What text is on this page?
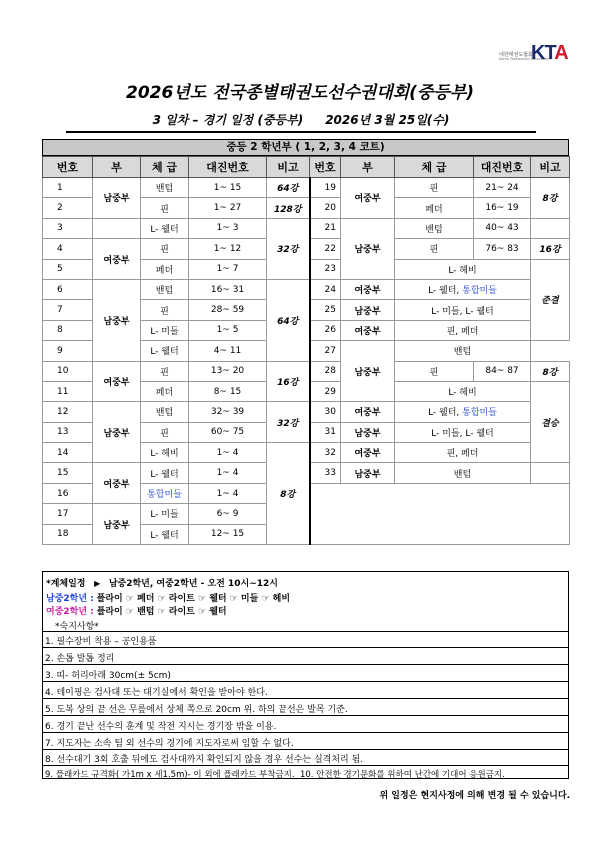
대한태권도협회
Korea Taekwondo Association
KTA
2026년도 전국종별태권도선수권대회(중등부)
3 일차 – 경기 일정 (중등부) 2026년 3월 25일(수)
중등 2 학년부 ( 1, 2, 3, 4 코트)
번호	부	체 급	대진번호	비고	번호	부	체 급	대진번호	비고
1	남중부	밴텀	1~ 15	64강	19	여중부	핀	21~ 24	8강
2		핀	1~ 27	128강	20		페더	16~ 19	
3		L- 웰터	1~ 3	32강	21	남중부	밴텀	40~ 43	
4	여중부	핀	1~ 12		22		핀	76~ 83	16강
5		페더	1~ 7		23		L- 헤비		준결
6	남중부	밴텀	16~ 31	64강	24	여중부	L- 웰터, 통합미들		
7		핀	28~ 59		25	남중부	L- 미들, L- 웰터		
8		L- 미들	1~ 5		26	여중부	핀, 페더		
9		L- 웰터	4~ 11		27	남중부	밴텀		
10	여중부	핀	13~ 20	16강	28		핀	84~ 87	8강
11		페더	8~ 15		29		L- 헤비		결승
12	남중부	밴텀	32~ 39	32강	30	여중부	L- 웰터, 통합미들		
13		핀	60~ 75		31	남중부	L- 미들, L- 웰터		
14		L- 헤비	1~ 4	8강	32	여중부	핀, 페더		
15	여중부	L- 웰터	1~ 4		33	남중부	밴텀		
16		통합미들	1~ 4						
17	남중부	L- 미들	6~ 9						
18		L- 웰터	12~ 15						
*계체일정 ▶ 남중2학년, 여중2학년 - 오전 10시~12시
남중2학년 : 플라이 ☞ 페더 ☞ 라이트 ☞ 웰터 ☞ 미들 ☞ 헤비
여중2학년 : 플라이 ☞ 밴텀 ☞ 라이트 ☞ 웰터
*숙지사항*
1. 필수장비 착용 – 공인용품
2. 손톱 발톱 정리
3. 띠- 허리아래 30cm(± 5cm)
4. 테이핑은 검사대 또는 대기실에서 확인을 받아야 한다.
5. 도복 상의 끝 선은 무릎에서 상체 쪽으로 20cm 위. 하의 끝선은 발목 기준.
6. 경기 끝난 선수의 훈계 및 작전 지시는 경기장 밖을 이용.
7. 지도자는 소속 팀 외 선수의 경기에 지도자로써 임할 수 없다.
8. 선수대기 3회 호출 뒤에도 검사대까지 확인되지 않을 경우 선수는 실격처리 됨.
9. 플래카드 규격화( 가1m x 세1.5m)- 이 외에 플래카드 부착금지. 10. 안전한 경기문화를 위하여 난간에 기대어 응원금지.
위 일정은 현지사정에 의해 변경 될 수 있습니다.
